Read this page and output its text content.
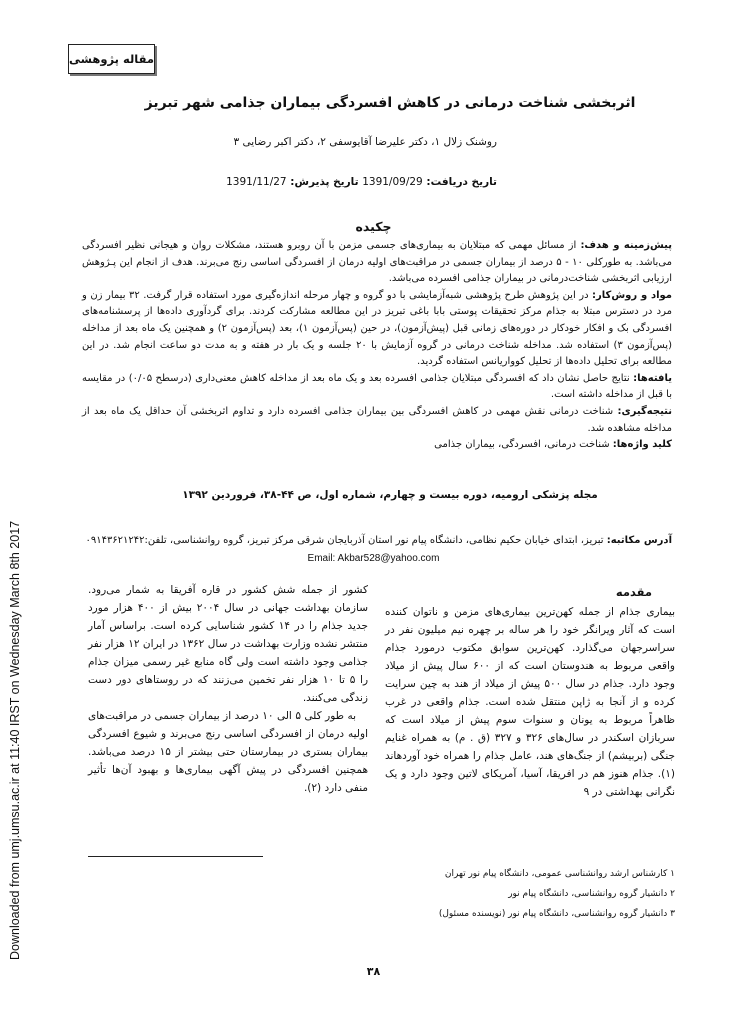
Downloaded from umj.umsu.ac.ir at 11:40 IRST on Wednesday March 8th 2017
مقاله پژوهشی
اثربخشی شناخت درمانی در کاهش افسردگی بیماران جذامی شهر تبریز
روشنک زلال ۱، دکتر علیرضا آقایوسفی ۲، دکتر اکبر رضایی ۳
تاریخ دریافت: 1391/09/29 تاریخ پذیرش: 1391/11/27
چکیده

پیش‌زمینه و هدف: از مسائل مهمی که مبتلایان به بیماری‌های جسمی مزمن با آن روبرو هستند، مشکلات روان و هیجانی نظیر افسردگی می‌باشد. به طورکلی ۱۰ - ۵ درصد از بیماران جسمی در مراقبت‌های اولیه درمان از افسردگی اساسی رنج می‌برند. هدف از انجام این پـژوهش ارزیابی اثربخشی شناخت‌درمانی در بیماران جذامی افسرده می‌باشد.

مواد و روش‌کار: در این پژوهش طرح پژوهشی شبه‌آزمایشی با دو گروه و چهار مرحله اندازه‌گیری مورد استفاده قرار گرفت. ۳۲ بیمار زن و مرد در دسترس مبتلا به جذام مرکز تحقیقات پوستی بابا باغی تبریز در این مطالعه مشارکت کردند. برای گردآوری داده‌ها از پرسشنامه‌های افسردگی بک و افکار خودکار در دوره‌های زمانی قبل (پیش‌آزمون)، در حین (پس‌آزمون ۱)، بعد (پس‌آزمون ۲) و همچنین یک ماه بعد از مداخله (پس‌آزمون ۳) استفاده شد. مداخله شناخت درمانی در گروه آزمایش با ۲۰ جلسه و یک بار در هفته و به مدت دو ساعت انجام شد. در این مطالعه برای تحلیل داده‌ها از تحلیل کوواریانس استفاده گردید.

یافته‌ها: نتایج حاصل نشان داد که افسردگی مبتلایان جذامی افسرده بعد و یک ماه بعد از مداخله کاهش معنی‌داری (درسطح ۰/۰۵) در مقایسه با قبل از مداخله داشته است.

نتیجه‌گیری: شناخت درمانی نقش مهمی در کاهش افسردگی بین بیماران جذامی افسرده دارد و تداوم اثربخشی آن حداقل یک ماه بعد از مداخله مشاهده شد.

کلید واژه‌ها: شناخت درمانی، افسردگی، بیماران جذامی

مجله پزشکی ارومیه، دوره بیست و چهارم، شماره اول، ص ۴۴-۳۸، فروردین ۱۳۹۲
آدرس مکاتبه: تبریز، ابتدای خیابان حکیم نظامی، دانشگاه پیام نور استان آذربایجان شرقی مرکز تبریز، گروه روانشناسی، تلفن:۰۹۱۴۳۶۲۱۲۴۲
Email: Akbar528@yahoo.com
مقدمه

بیماری جذام از جمله کهن‌ترین بیماری‌های مزمن و ناتوان کننده است که آثار ویرانگر خود را هر ساله بر چهره نیم میلیون نفر در سراسرجهان می‌گذارد. کهن‌ترین سوابق مکتوب درمورد جذام واقعی مربوط به هندوستان است که از ۶۰۰ سال پیش از میلاد وجود دارد. جذام در سال ۵۰۰ پیش از میلاد از هند به چین سرایت کرده و از آنجا به ژاپن منتقل شده است. جذام واقعی در غرب ظاهراً مربوط به یونان و سنوات سوم پیش از میلاد است که سربازان اسکندر در سال‌های ۳۲۶ و ۳۲۷ (ق . م) به همراه غنایم جنگی (بربیشم) از جنگ‌های هند، عامل جذام را همراه خود آوردهاند (۱). جذام هنوز هم در افریقا، آسیا، آمریکای لاتین وجود دارد و یک نگرانی بهداشتی در ۹

کشور از جمله شش کشور در قاره آفریقا به شمار می‌رود. سازمان بهداشت جهانی در سال ۲۰۰۴ بیش از ۴۰۰ هزار مورد جدید جذام را در ۱۴ کشور شناسایی کرده است. براساس آمار منتشر نشده وزارت بهداشت در سال ۱۳۶۲ در ایران ۱۲ هزار نفر جذامی وجود داشته است ولی گاه منابع غیر رسمی میزان جذام را ۵ تا ۱۰ هزار نفر تخمین می‌زنند که در روستاهای دور دست زندگی می‌کنند.

به طور کلی ۵ الی ۱۰ درصد از بیماران جسمی در مراقبت‌های اولیه درمان از افسردگی اساسی رنج می‌برند و شیوع افسردگی بیماران بستری در بیمارستان حتی بیشتر از ۱۵ درصد می‌باشد. همچنین افسردگی در پیش آگهی بیماری‌ها و بهبود آن‌ها تأثیر منفی دارد (۲).

۱ کارشناس ارشد روانشناسی عمومی، دانشگاه پیام نور تهران

۲ دانشیار گروه روانشناسی، دانشگاه پیام نور

۳ دانشیار گروه روانشناسی، دانشگاه پیام نور (نویسنده مسئول)

۳۸
